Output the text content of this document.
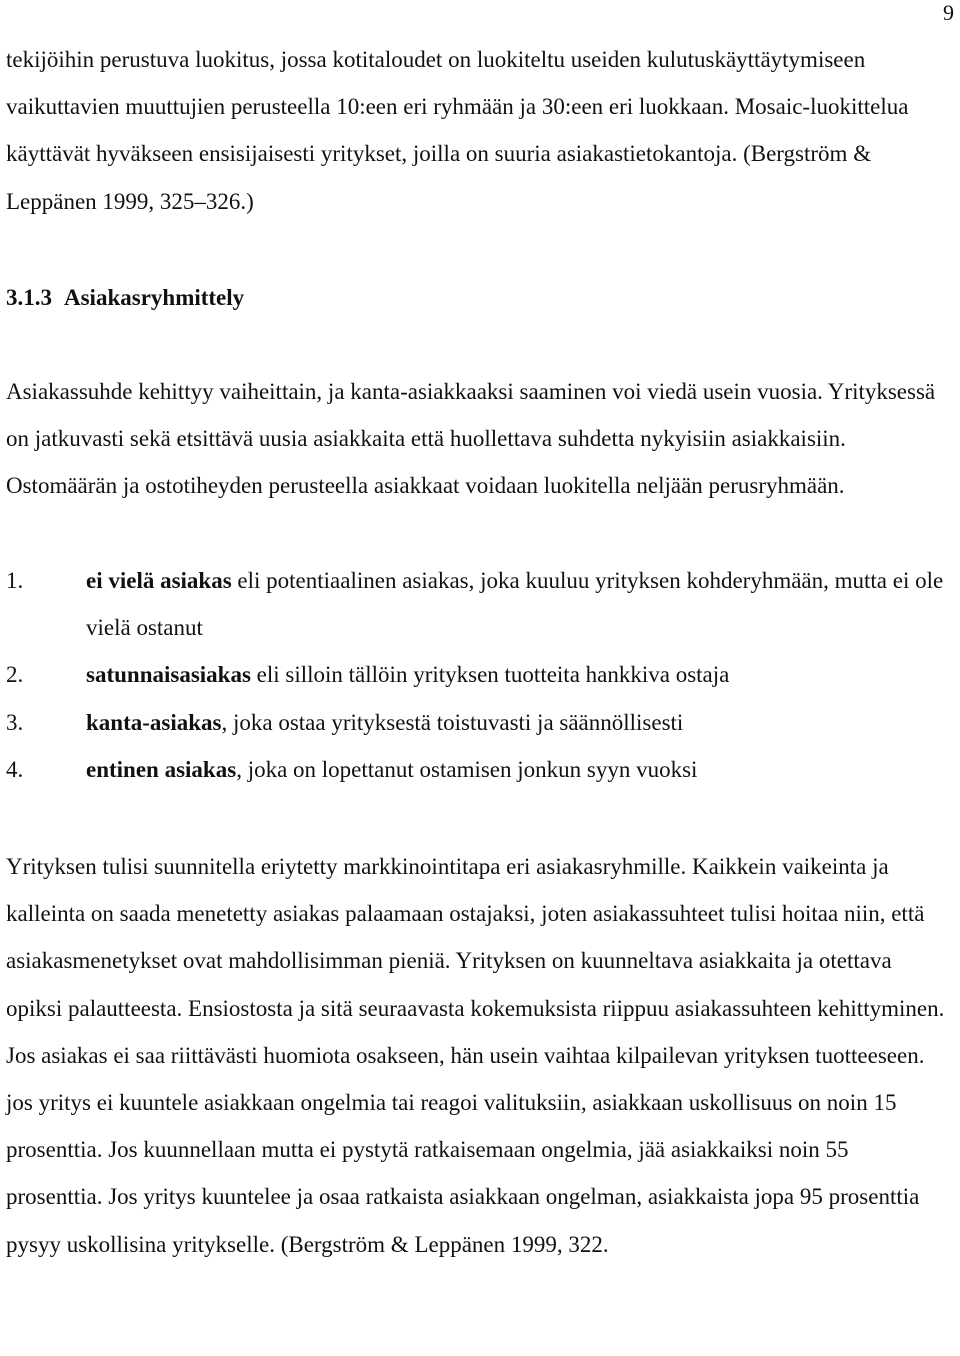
9

tekijöihin perustuva luokitus, jossa kotitaloudet on luokiteltu useiden kulutuskäyttäytymiseen vaikuttavien muuttujien perusteella 10:een eri ryhmään ja 30:een eri luokkaan. Mosaic-luokittelua käyttävät hyväkseen ensisijaisesti yritykset, joilla on suuria asiakastietokantoja. (Bergström & Leppänen 1999, 325–326.)

3.1.3 Asiakasryhmittely

Asiakassuhde kehittyy vaiheittain, ja kanta-asiakkaaksi saaminen voi viedä usein vuosia. Yrityksessä on jatkuvasti sekä etsittävä uusia asiakkaita että huollettava suhdetta nykyisiin asiakkaisiin. Ostomäärän ja ostotiheyden perusteella asiakkaat voidaan luokitella neljään perusryhmään.

1.	ei vielä asiakas eli potentiaalinen asiakas, joka kuuluu yrityksen kohderyhmään, mutta ei ole vielä ostanut
2.	satunnaisasiakas eli silloin tällöin yrityksen tuotteita hankkiva ostaja
3.	kanta-asiakas, joka ostaa yrityksestä toistuvasti ja säännöllisesti
4.	entinen asiakas, joka on lopettanut ostamisen jonkun syyn vuoksi

Yrityksen tulisi suunnitella eriytetty markkinointitapa eri asiakasryhmille. Kaikkein vaikeinta ja kalleinta on saada menetetty asiakas palaamaan ostajaksi, joten asiakassuhteet tulisi hoitaa niin, että asiakasmenetykset ovat mahdollisimman pieniä. Yrityksen on kuunneltava asiakkaita ja otettava opiksi palautteesta. Ensiostosta ja sitä seuraavasta kokemuksista riippuu asiakassuhteen kehittyminen. Jos asiakas ei saa riittävästi huomiota osakseen, hän usein vaihtaa kilpailevan yrityksen tuotteeseen. jos yritys ei kuuntele asiakkaan ongelmia tai reagoi valituksiin, asiakkaan uskollisuus on noin 15 prosenttia. Jos kuunnellaan mutta ei pystytä ratkaisemaan ongelmia, jää asiakkaiksi noin 55 prosenttia. Jos yritys kuuntelee ja osaa ratkaista asiakkaan ongelman, asiakkaista jopa 95 prosenttia pysyy uskollisina yritykselle. (Bergström & Leppänen 1999, 322.
